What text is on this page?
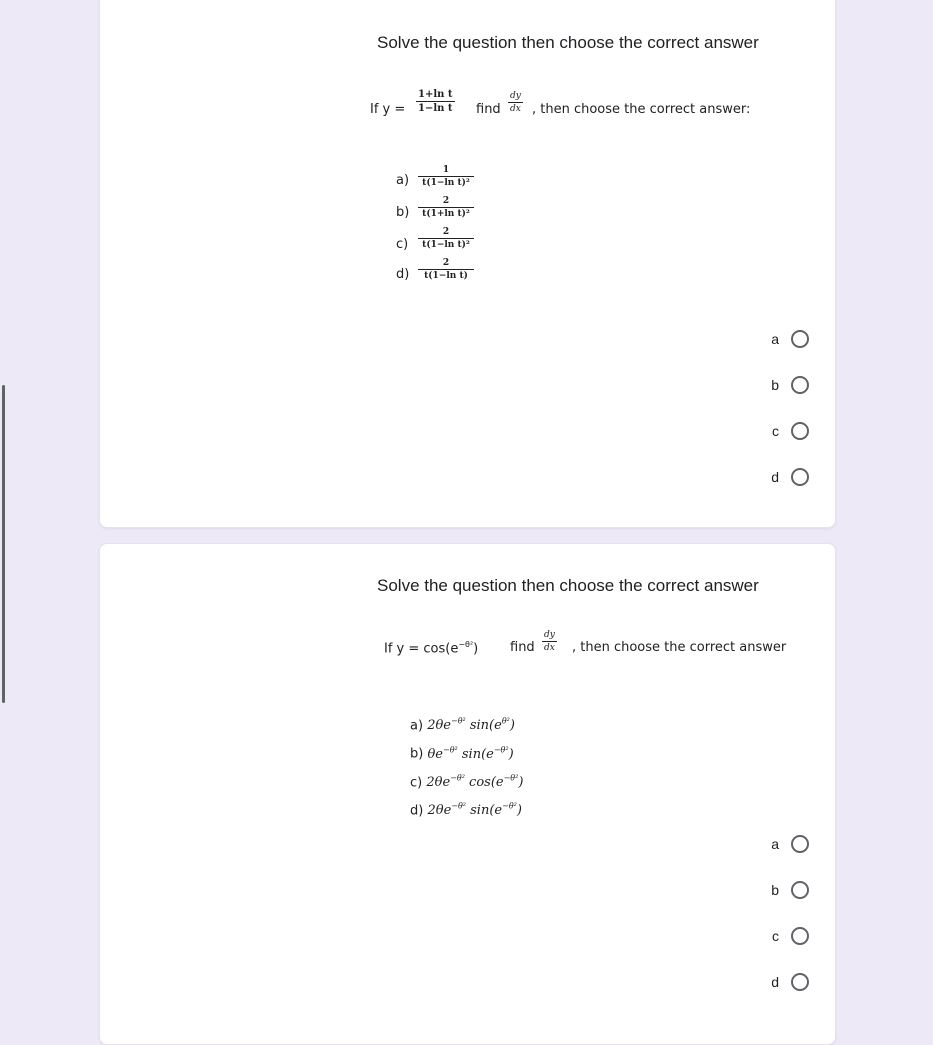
Solve the question then choose the correct answer
If $y = \frac{\text{1+ln t}}{\text{1−ln t}}$ find $\frac{dy}{dx}$ , then choose the correct answer:
$a) \frac{1}{\text{t(1−ln t)²}}$
$b) \frac{2}{\text{t(1+ln t)²}}$
$c) \frac{2}{\text{t(1−ln t)²}}$
$d) \frac{2}{\text{t(1−ln t)}}$
a
b
c
d
Solve the question then choose the correct answer
If $y = \cos(e^{-\theta^2})$ find $\frac{dy}{dx}$ , then choose the correct answer
a) $2\theta e^{-\theta^2}$ $\sin(e^{\theta^2})$
b) $\theta e^{-\theta^2}$ $\sin(e^{-\theta^2})$
c) $2\theta e^{-\theta^2}$ $\cos(e^{-\theta^2})$
d) $2\theta e^{-\theta^2}$ $\sin(e^{-\theta^2})$
a
b
c
d
